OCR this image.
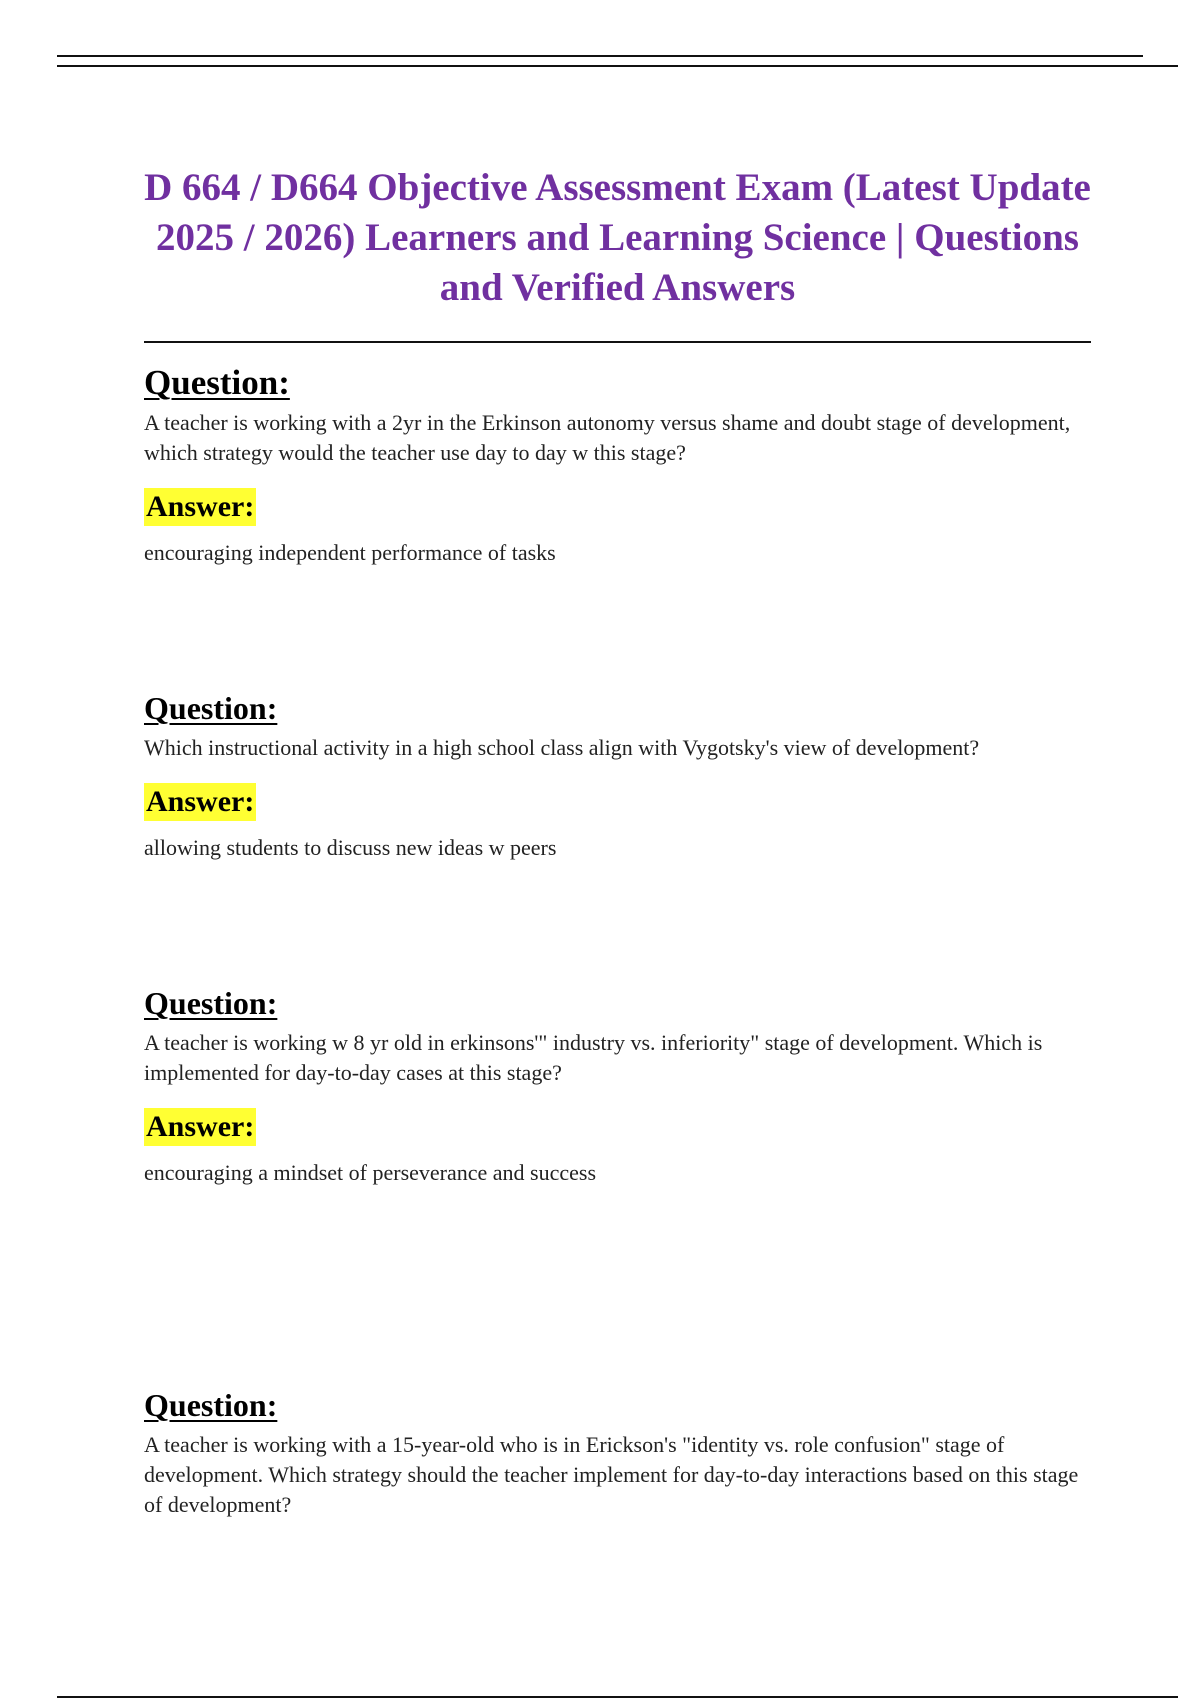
D 664 / D664 Objective Assessment Exam (Latest Update 2025 / 2026) Learners and Learning Science | Questions and Verified Answers
Question:

A teacher is working with a 2yr in the Erkinson autonomy versus shame and doubt stage of development, which strategy would the teacher use day to day w this stage?

Answer:

encouraging independent performance of tasks

Question:

Which instructional activity in a high school class align with Vygotsky's view of development?

Answer:

allowing students to discuss new ideas w peers

Question:

A teacher is working w 8 yr old in erkinsons'" industry vs. inferiority" stage of development. Which is implemented for day-to-day cases at this stage?

Answer:

encouraging a mindset of perseverance and success

Question:

A teacher is working with a 15-year-old who is in Erickson's "identity vs. role confusion" stage of development. Which strategy should the teacher implement for day-to-day interactions based on this stage of development?
